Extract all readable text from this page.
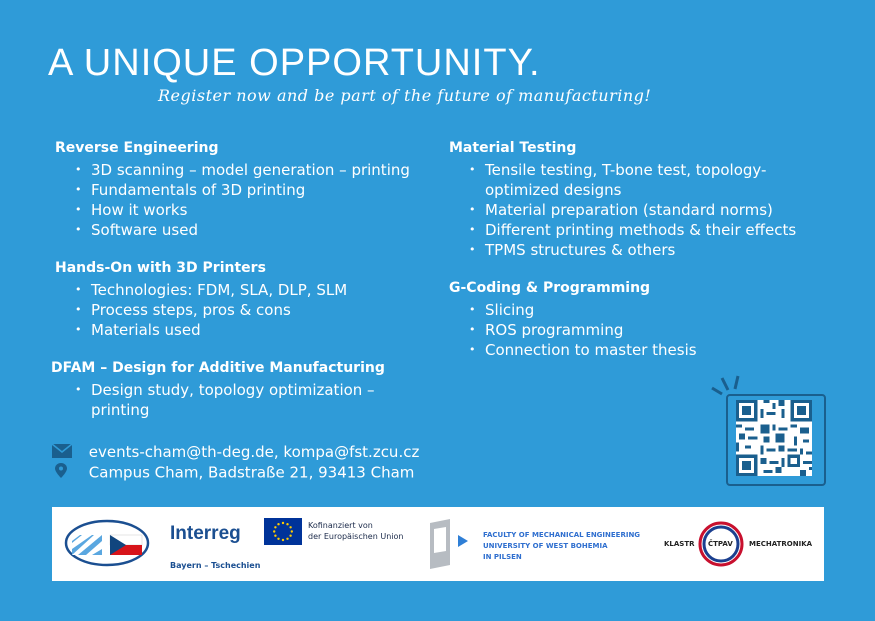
A UNIQUE OPPORTUNITY.
Register now and be part of the future of manufacturing!
Reverse Engineering
• 3D scanning – model generation – printing
• Fundamentals of 3D printing
• How it works
• Software used
Hands-On with 3D Printers
• Technologies: FDM, SLA, DLP, SLM
• Process steps, pros & cons
• Materials used
DFAM – Design for Additive Manufacturing
• Design study, topology optimization – printing
Material Testing
• Tensile testing, T-bone test, topology-optimized designs
• Material preparation (standard norms)
• Different printing methods & their effects
• TPMS structures & others
G-Coding & Programming
• Slicing
• ROS programming
• Connection to master thesis
events-cham@th-deg.de, kompa@fst.zcu.cz
Campus Cham, Badstraße 21, 93413 Cham
Interreg
Bayern – Tschechien
Kofinanziert von
der Europäischen Union	FACULTY OF MECHANICAL ENGINEERING
UNIVERSITY OF WEST BOHEMIA
IN PILSEN
KLASTR ČTPAV MECHATRONIKA
